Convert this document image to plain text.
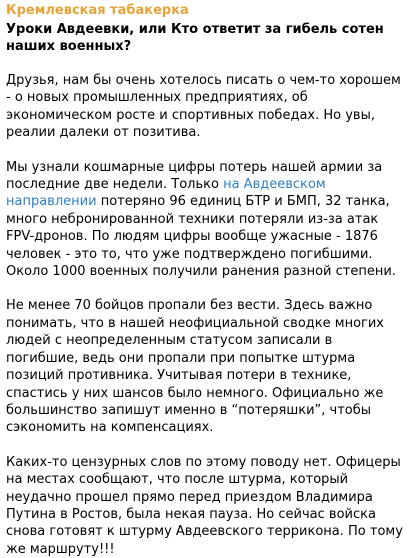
Кремлевская табакерка
Уроки Авдеевки, или Кто ответит за гибель сотен наших военных?

Друзья, нам бы очень хотелось писать о чем-то хорошем - о новых промышленных предприятиях, об экономическом росте и спортивных победах. Но увы, реалии далеки от позитива.

Мы узнали кошмарные цифры потерь нашей армии за последние две недели. Только на Авдеевском направлении потеряно 96 единиц БТР и БМП, 32 танка, много небронированной техники потеряли из-за атак FPV-дронов. По людям цифры вообще ужасные - 1876 человек - это то, что уже подтверждено погибшими. Около 1000 военных получили ранения разной степени.

Не менее 70 бойцов пропали без вести. Здесь важно понимать, что в нашей неофициальной сводке многих людей с неопределенным статусом записали в погибшие, ведь они пропали при попытке штурма позиций противника. Учитывая потери в технике, спастись у них шансов было немного. Официально же большинство запишут именно в “потеряшки”, чтобы сэкономить на компенсациях.

Каких-то цензурных слов по этому поводу нет. Офицеры на местах сообщают, что после штурма, который неудачно прошел прямо перед приездом Владимира Путина в Ростов, была некая пауза. Но сейчас войска снова готовят к штурму Авдеевского терриконa. По тому же маршруту!!!
